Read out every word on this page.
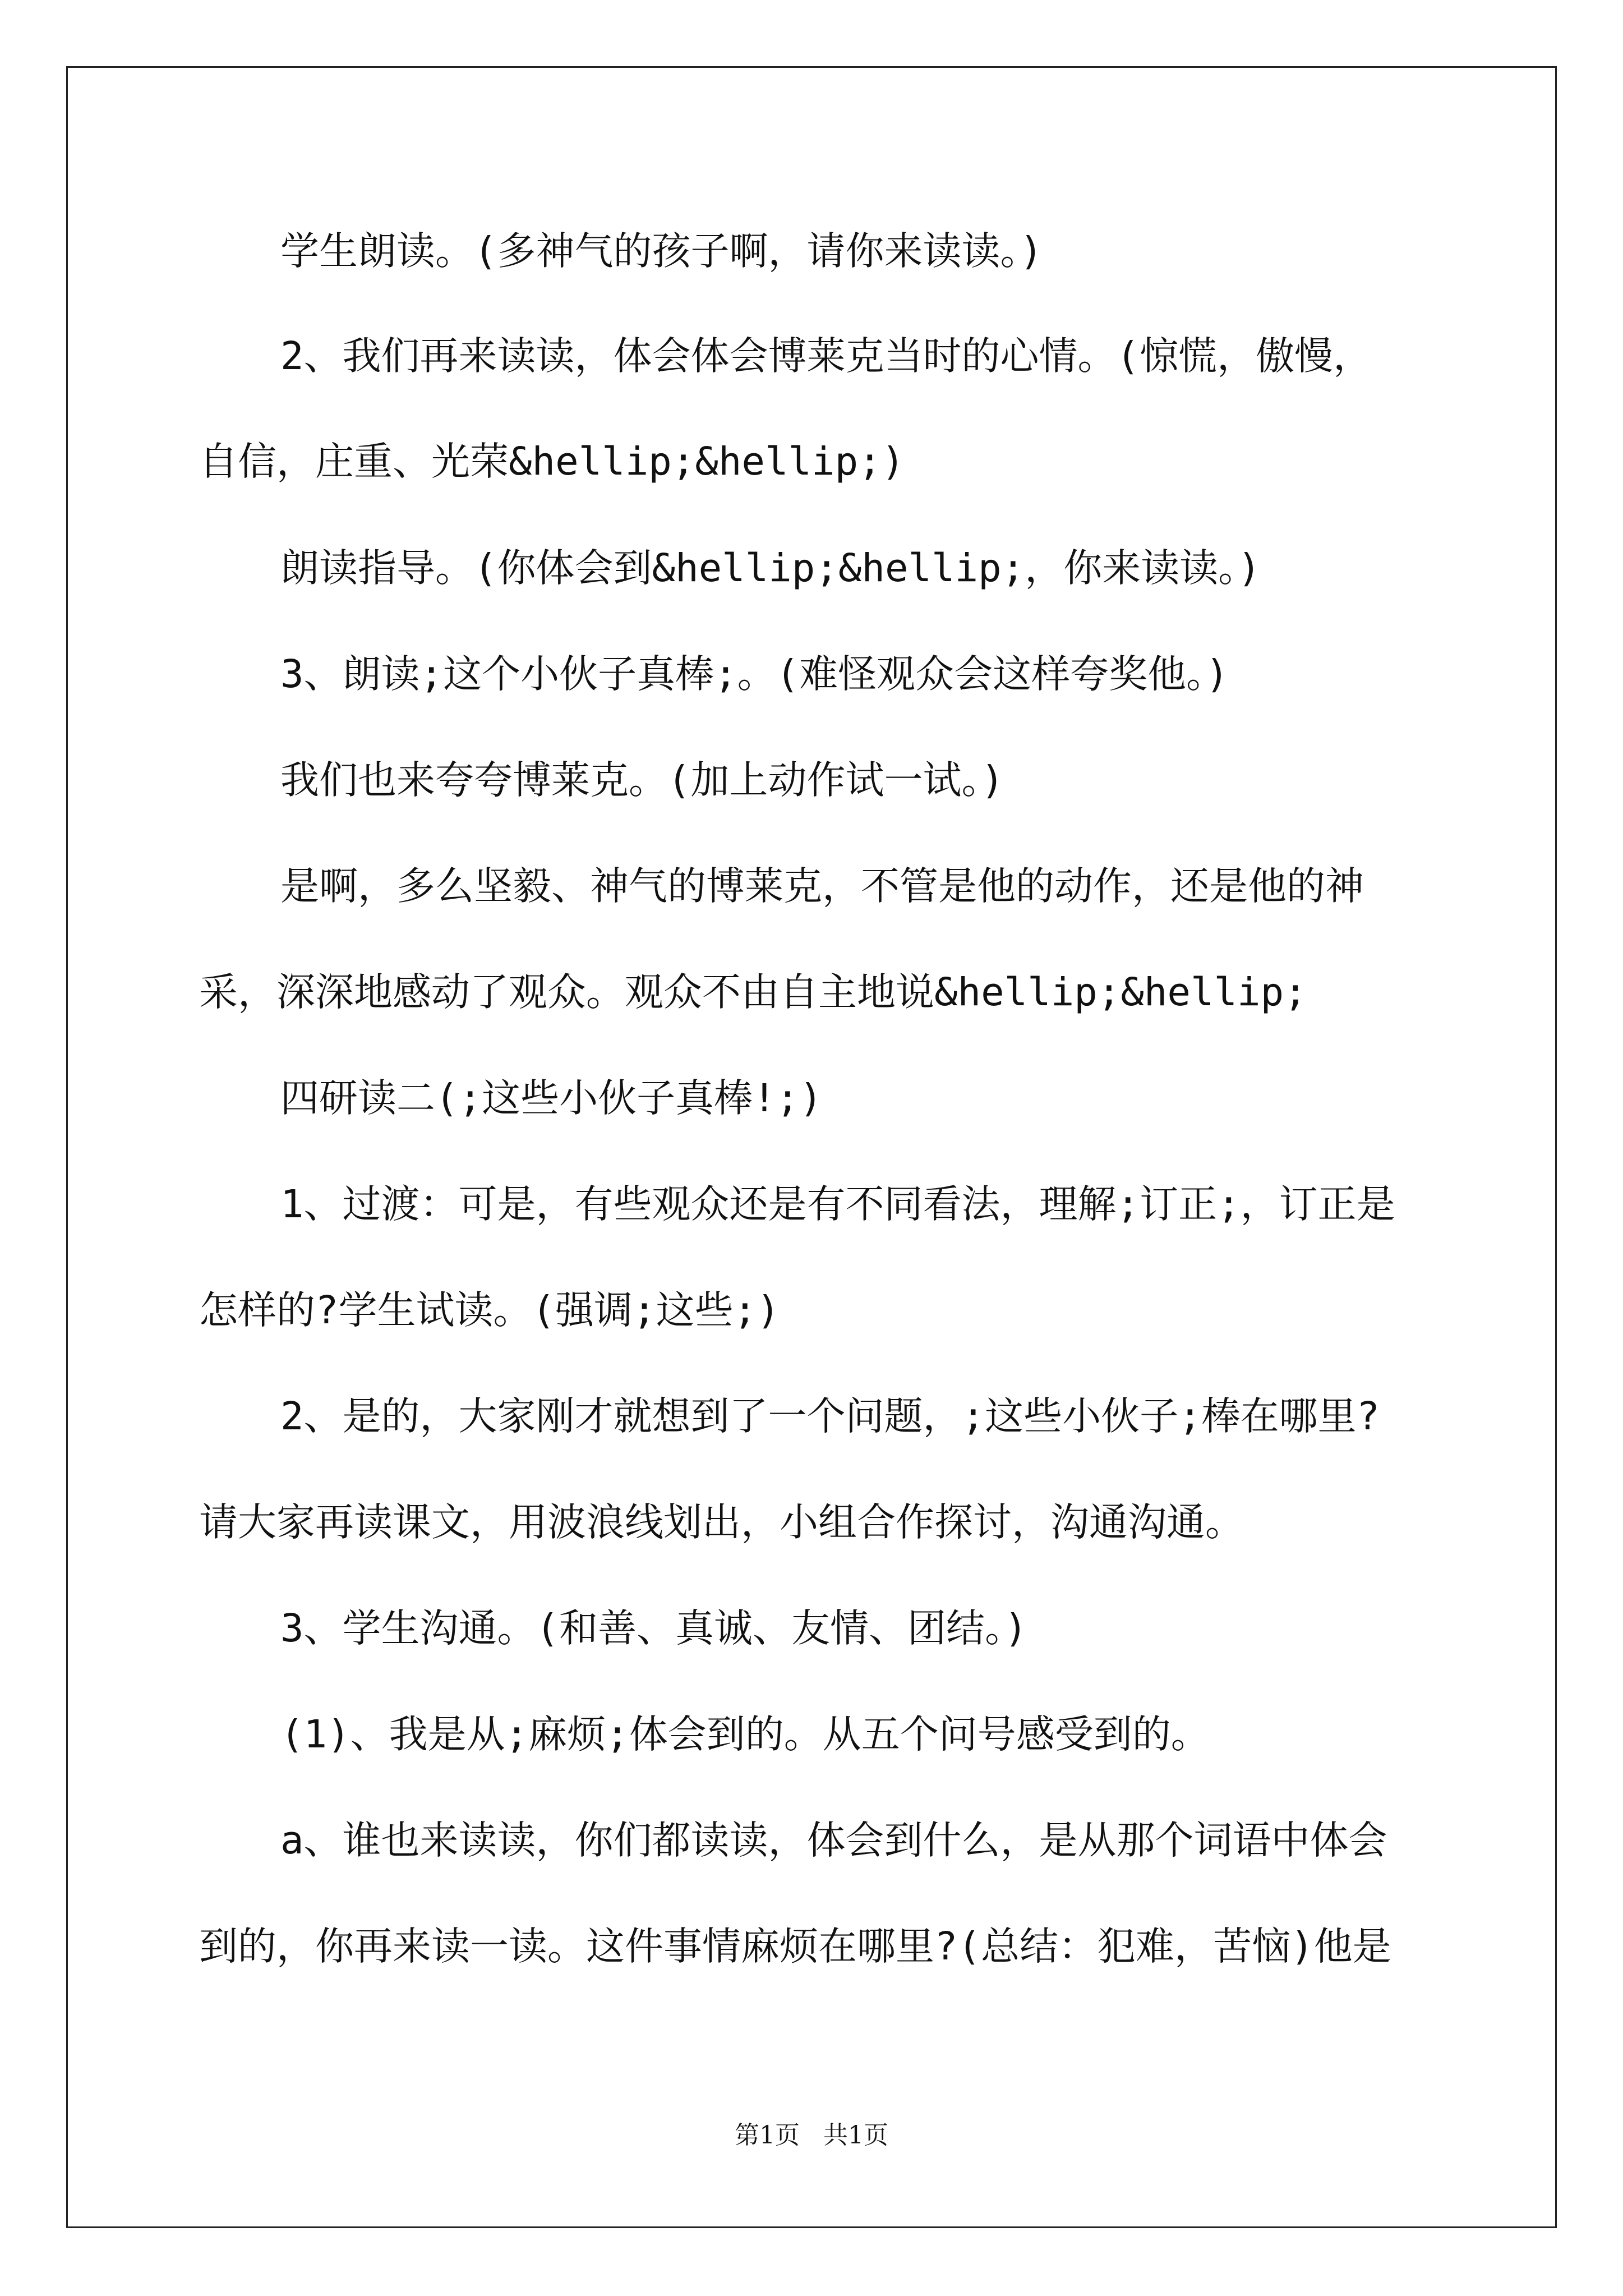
学生朗读。(多神气的孩子啊，请你来读读。)
2、我们再来读读，体会体会博莱克当时的心情。(惊慌，傲慢，
自信，庄重、光荣&hellip;&hellip;)
朗读指导。(你体会到&hellip;&hellip;，你来读读。)
3、朗读;这个小伙子真棒;。(难怪观众会这样夸奖他。)
我们也来夸夸博莱克。(加上动作试一试。)
是啊，多么坚毅、神气的博莱克，不管是他的动作，还是他的神
采，深深地感动了观众。观众不由自主地说&hellip;&hellip;
四研读二(;这些小伙子真棒!;)
1、过渡：可是，有些观众还是有不同看法，理解;订正;，订正是
怎样的?学生试读。(强调;这些;)
2、是的，大家刚才就想到了一个问题，;这些小伙子;棒在哪里?
请大家再读课文，用波浪线划出，小组合作探讨，沟通沟通。
3、学生沟通。(和善、真诚、友情、团结。)
(1)、我是从;麻烦;体会到的。从五个问号感受到的。
a、谁也来读读，你们都读读，体会到什么，是从那个词语中体会
到的，你再来读一读。这件事情麻烦在哪里?(总结：犯难，苦恼)他是
第1页   共1页
